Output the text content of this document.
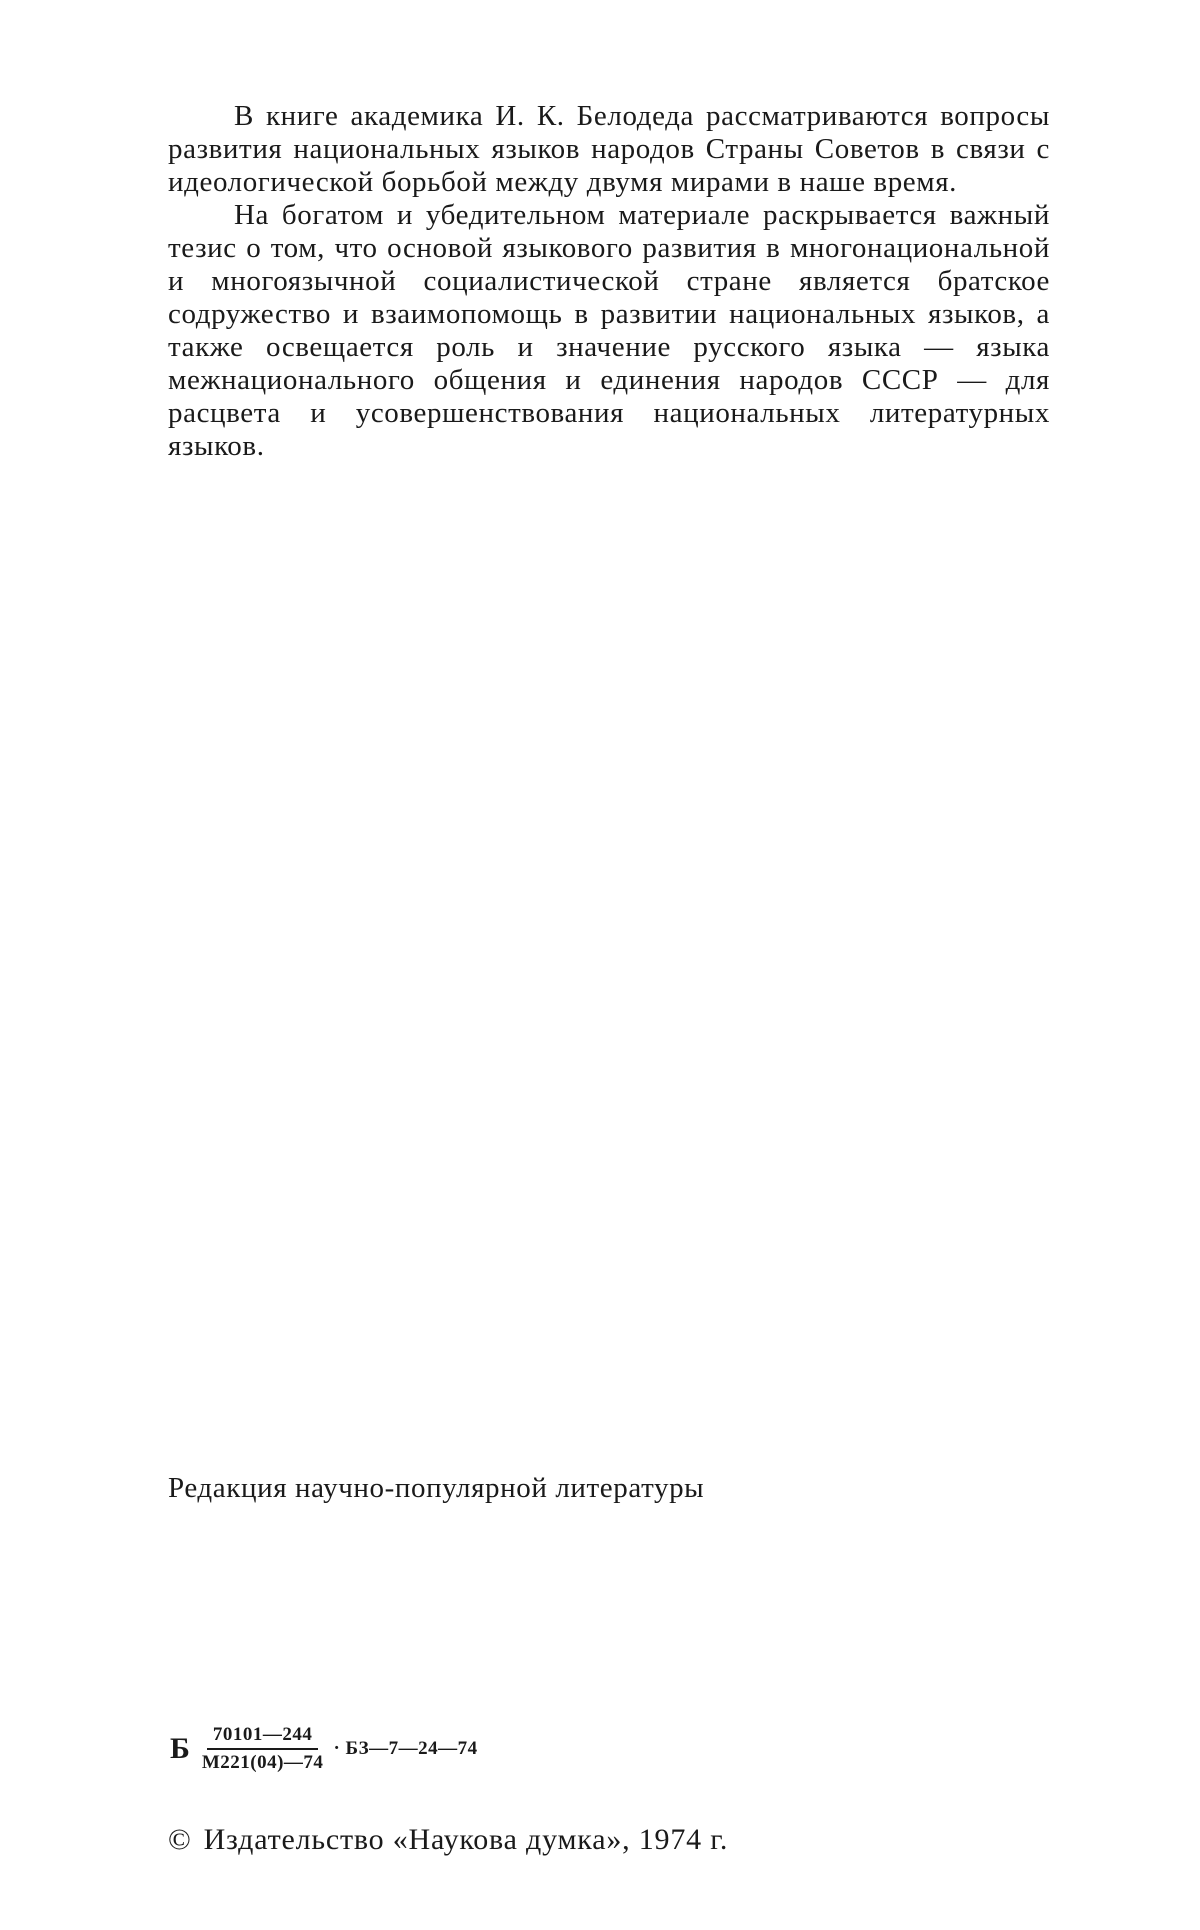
В книге академика И. К. Белодеда рассматриваются вопросы развития национальных языков народов Страны Советов в связи с идеологической борьбой между двумя мирами в наше время.

На богатом и убедительном материале раскрывается важный тезис о том, что основой языкового развития в многонациональной и многоязычной социалистической стране является братское содружество и взаимопомощь в развитии национальных языков, а также освещается роль и значение русского языка — языка межнационального общения и единения народов СССР — для расцвета и усовершенствования национальных литературных языков.

Редакция научно-популярной литературы
Б $\frac{70101—244}{М221(04)—74}$ · БЗ—7—24—74
© Издательство «Наукова думка», 1974 г.
